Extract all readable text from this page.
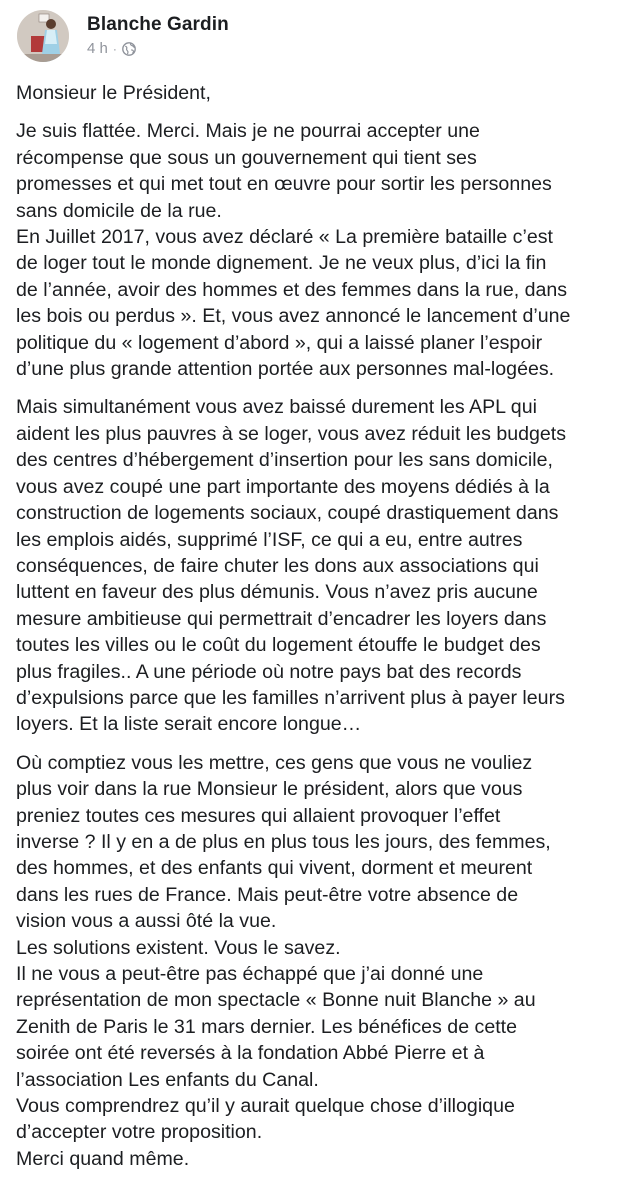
Blanche Gardin
4 h ·
Monsieur le Président,
Je suis flattée. Merci. Mais je ne pourrai accepter une
récompense que sous un gouvernement qui tient ses
promesses et qui met tout en œuvre pour sortir les personnes
sans domicile de la rue.
En Juillet 2017, vous avez déclaré « La première bataille c’est
de loger tout le monde dignement. Je ne veux plus, d’ici la fin
de l’année, avoir des hommes et des femmes dans la rue, dans
les bois ou perdus ». Et, vous avez annoncé le lancement d’une
politique du « logement d’abord », qui a laissé planer l’espoir
d’une plus grande attention portée aux personnes mal-logées.
Mais simultanément vous avez baissé durement les APL qui
aident les plus pauvres à se loger, vous avez réduit les budgets
des centres d’hébergement d’insertion pour les sans domicile,
vous avez coupé une part importante des moyens dédiés à la
construction de logements sociaux, coupé drastiquement dans
les emplois aidés, supprimé l’ISF, ce qui a eu, entre autres
conséquences, de faire chuter les dons aux associations qui
luttent en faveur des plus démunis. Vous n’avez pris aucune
mesure ambitieuse qui permettrait d’encadrer les loyers dans
toutes les villes ou le coût du logement étouffe le budget des
plus fragiles.. A une période où notre pays bat des records
d’expulsions parce que les familles n’arrivent plus à payer leurs
loyers. Et la liste serait encore longue…
Où comptiez vous les mettre, ces gens que vous ne vouliez
plus voir dans la rue Monsieur le président, alors que vous
preniez toutes ces mesures qui allaient provoquer l’effet
inverse ? Il y en a de plus en plus tous les jours, des femmes,
des hommes, et des enfants qui vivent, dorment et meurent
dans les rues de France. Mais peut-être votre absence de
vision vous a aussi ôté la vue.
Les solutions existent. Vous le savez.
Il ne vous a peut-être pas échappé que j’ai donné une
représentation de mon spectacle « Bonne nuit Blanche » au
Zenith de Paris le 31 mars dernier. Les bénéfices de cette
soirée ont été reversés à la fondation Abbé Pierre et à
l’association Les enfants du Canal.
Vous comprendrez qu’il y aurait quelque chose d’illogique
d’accepter votre proposition.
Merci quand même.
